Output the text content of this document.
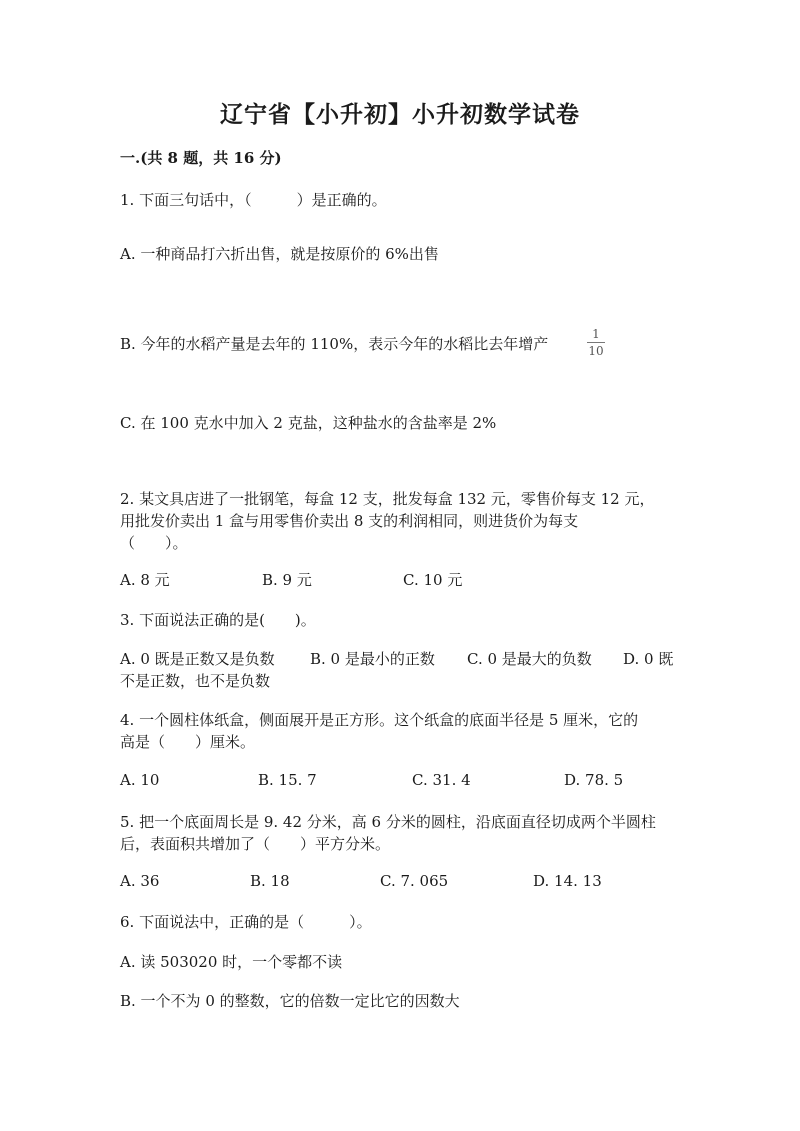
辽宁省【小升初】小升初数学试卷
一.(共 8 题，共 16 分)
1. 下面三句话中，（　　　）是正确的。
A. 一种商品打六折出售，就是按原价的 6%出售
B. 今年的水稻产量是去年的 110%，表示今年的水稻比去年增产
1
10
C. 在 100 克水中加入 2 克盐，这种盐水的含盐率是 2%
2. 某文具店进了一批钢笔，每盒 12 支，批发每盒 132 元，零售价每支 12 元，
用批发价卖出 1 盒与用零售价卖出 8 支的利润相同，则进货价为每支
（　　）。
A. 8 元	B. 9 元	C. 10 元
3. 下面说法正确的是(　　)。
A. 0 既是正数又是负数 B. 0 是最小的正数 C. 0 是最大的负数 D. 0 既
不是正数，也不是负数
4. 一个圆柱体纸盒，侧面展开是正方形。这个纸盒的底面半径是 5 厘米，它的
高是（　　）厘米。
A. 10	B. 15. 7	C. 31. 4	D. 78. 5
5. 把一个底面周长是 9. 42 分米，高 6 分米的圆柱，沿底面直径切成两个半圆柱
后，表面积共增加了（　　）平方分米。
A. 36	B. 18	C. 7. 065	D. 14. 13
6. 下面说法中，正确的是（　　　）。
A. 读 503020 时，一个零都不读
B. 一个不为 0 的整数，它的倍数一定比它的因数大
